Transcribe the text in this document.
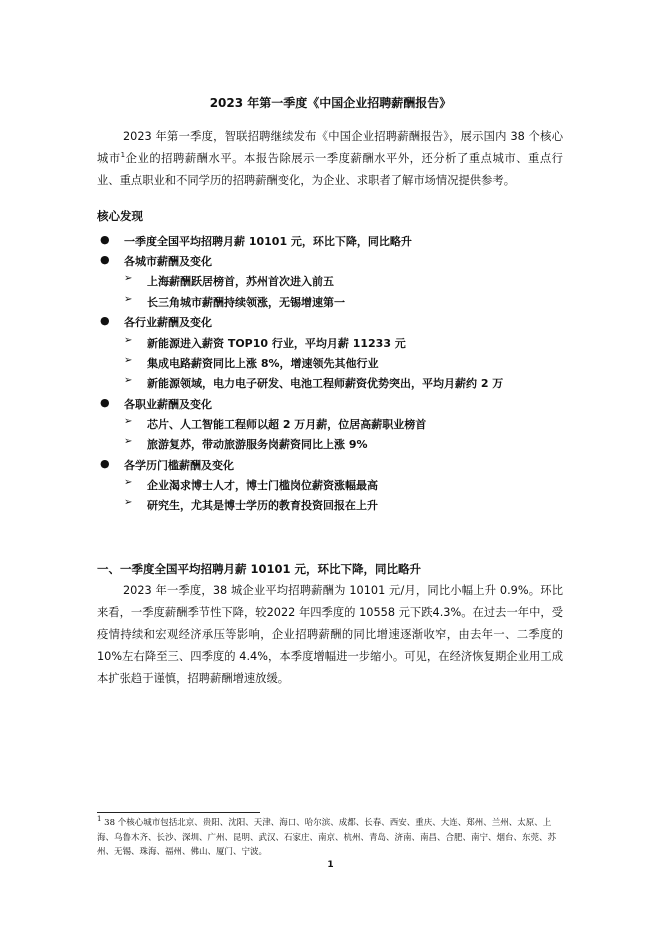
2023 年第一季度《中国企业招聘薪酬报告》

2023 年第一季度，智联招聘继续发布《中国企业招聘薪酬报告》，展示国内 38 个核心城市$^1$企业的招聘薪酬水平。本报告除展示一季度薪酬水平外，还分析了重点城市、重点行业、重点职业和不同学历的招聘薪酬变化，为企业、求职者了解市场情况提供参考。

核心发现
● 一季度全国平均招聘月薪 10101 元，环比下降，同比略升
● 各城市薪酬及变化
➢ 上海薪酬跃居榜首，苏州首次进入前五
➢ 长三角城市薪酬持续领涨，无锡增速第一
● 各行业薪酬及变化
➢ 新能源进入薪资 TOP10 行业，平均月薪 11233 元
➢ 集成电路薪资同比上涨 8%，增速领先其他行业
➢ 新能源领域，电力电子研发、电池工程师薪资优势突出，平均月薪约 2 万
● 各职业薪酬及变化
➢ 芯片、人工智能工程师以超 2 万月薪，位居高薪职业榜首
➢ 旅游复苏，带动旅游服务岗薪资同比上涨 9%
● 各学历门槛薪酬及变化
➢ 企业渴求博士人才，博士门槛岗位薪资涨幅最高
➢ 研究生，尤其是博士学历的教育投资回报在上升
一、一季度全国平均招聘月薪 10101 元，环比下降，同比略升

2023 年一季度，38 城企业平均招聘薪酬为 10101 元/月，同比小幅上升 0.9%。环比来看，一季度薪酬季节性下降，较2022 年四季度的 10558 元下跌4.3%。在过去一年中，受疫情持续和宏观经济承压等影响，企业招聘薪酬的同比增速逐渐收窄，由去年一、二季度的 10%左右降至三、四季度的 4.4%，本季度增幅进一步缩小。可见，在经济恢复期企业用工成本扩张趋于谨慎，招聘薪酬增速放缓。

$^1$ 38 个核心城市包括北京、贵阳、沈阳、天津、海口、哈尔滨、成都、长春、西安、重庆、大连、郑州、兰州、太原、上海、乌鲁木齐、长沙、深圳、广州、昆明、武汉、石家庄、南京、杭州、青岛、济南、南昌、合肥、南宁、烟台、东莞、苏州、无锡、珠海、福州、佛山、厦门、宁波。
1
